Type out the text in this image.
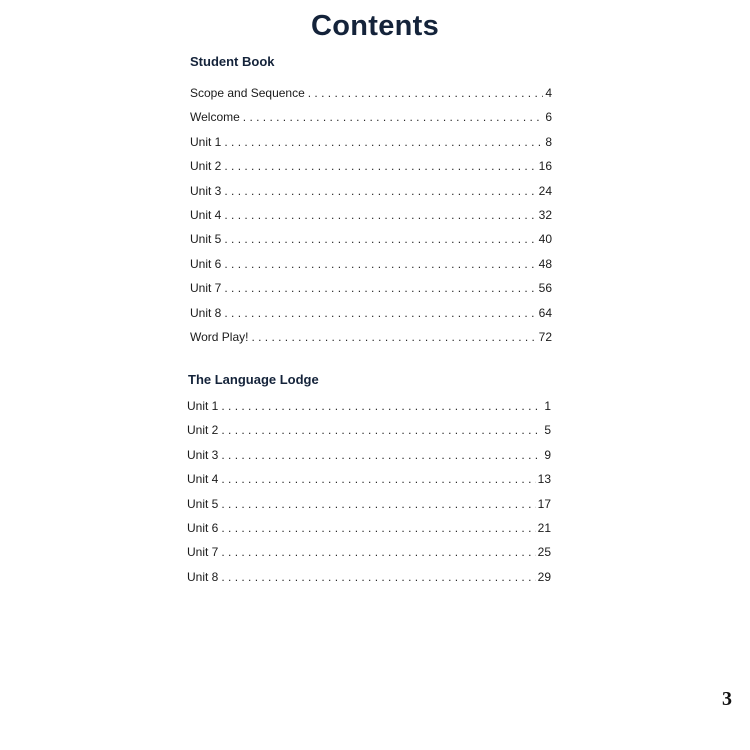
Contents
Student Book
Scope and Sequence . . .	4
Welcome . . .	6
Unit 1 . . .	8
Unit 2 . . .	16
Unit 3 . . .	24
Unit 4 . . .	32
Unit 5 . . .	40
Unit 6 . . .	48
Unit 7 . . .	56
Unit 8 . . .	64
Word Play! . . .	72
The Language Lodge
Unit 1 . . .	1
Unit 2 . . .	5
Unit 3 . . .	9
Unit 4 . . .	13
Unit 5 . . .	17
Unit 6 . . .	21
Unit 7 . . .	25
Unit 8 . . .	29
3
